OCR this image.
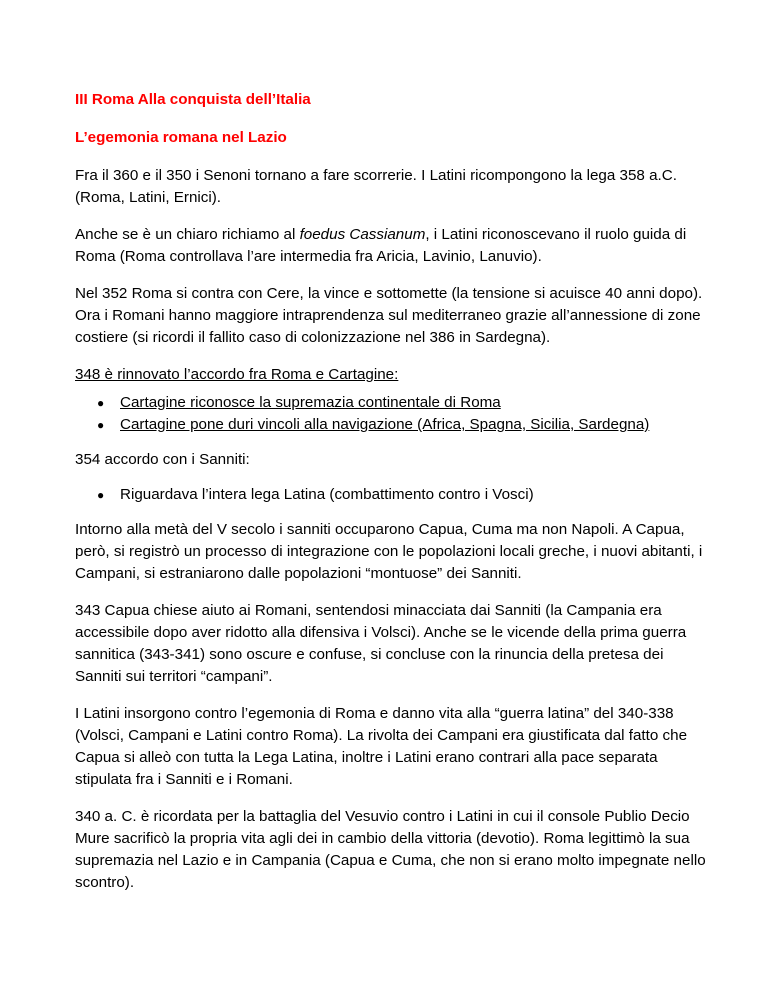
III Roma Alla conquista dell’Italia
L’egemonia romana nel Lazio

Fra il 360 e il 350 i Senoni tornano a fare scorrerie. I Latini ricompongono la lega 358 a.C. (Roma, Latini, Ernici).

Anche se è un chiaro richiamo al foedus Cassianum, i Latini riconoscevano il ruolo guida di Roma (Roma controllava l’are intermedia fra Aricia, Lavinio, Lanuvio).

Nel 352 Roma si contra con Cere, la vince e sottomette (la tensione si acuisce 40 anni dopo). Ora i Romani hanno maggiore intraprendenza sul mediterraneo grazie all’annessione di zone costiere (si ricordi il fallito caso di colonizzazione nel 386 in Sardegna).

348 è rinnovato l’accordo fra Roma e Cartagine:

● Cartagine riconosce la supremazia continentale di Roma
● Cartagine pone duri vincoli alla navigazione (Africa, Spagna, Sicilia, Sardegna)

354 accordo con i Sanniti:

● Riguardava l’intera lega Latina (combattimento contro i Vosci)

Intorno alla metà del V secolo i sanniti occuparono Capua, Cuma ma non Napoli. A Capua, però, si registrò un processo di integrazione con le popolazioni locali greche, i nuovi abitanti, i Campani, si estraniarono dalle popolazioni “montuose” dei Sanniti.

343 Capua chiese aiuto ai Romani, sentendosi minacciata dai Sanniti (la Campania era accessibile dopo aver ridotto alla difensiva i Volsci). Anche se le vicende della prima guerra sannitica (343-341) sono oscure e confuse, si concluse con la rinuncia della pretesa dei Sanniti sui territori “campani”.

I Latini insorgono contro l’egemonia di Roma e danno vita alla “guerra latina” del 340-338 (Volsci, Campani e Latini contro Roma). La rivolta dei Campani era giustificata dal fatto che Capua si alleò con tutta la Lega Latina, inoltre i Latini erano contrari alla pace separata stipulata fra i Sanniti e i Romani.

340 a. C. è ricordata per la battaglia del Vesuvio contro i Latini in cui il console Publio Decio Mure sacrificò la propria vita agli dei in cambio della vittoria (devotio). Roma legittimò la sua supremazia nel Lazio e in Campania (Capua e Cuma, che non si erano molto impegnate nello scontro).
